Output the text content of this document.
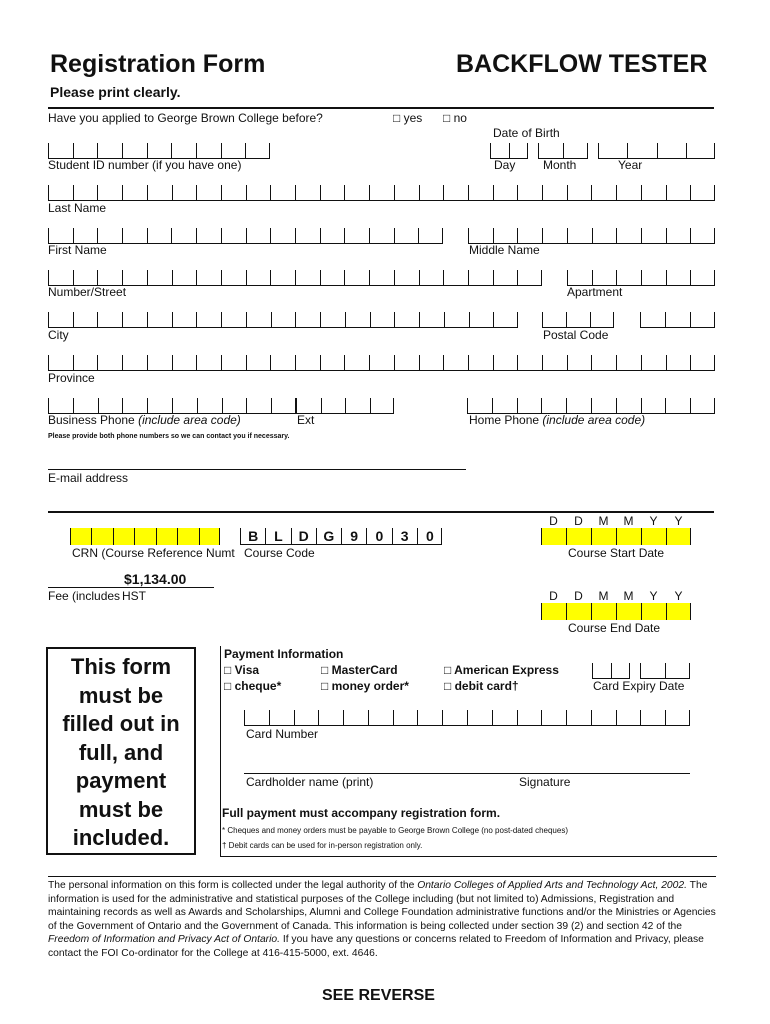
Registration Form	BACKFLOW TESTER
Please print clearly.
Have you applied to George Brown College before?	□ yes □ no
Date of Birth
Day Month	Year
Student ID number (if you have one)
Last Name
First Name	Middle Name
Number/Street	Apartment
City	Postal Code
Province
Business Phone (include area code)	Ext	Home Phone (include area code)
Please provide both phone numbers so we can contact you if necessary.
E-mail address
CRN (Course Reference Numt
B	L	D	G	9	0	3	0
Course Code
$1,134.00
Fee (includes HST
D	D	M	M	Y	Y
Course Start Date
D	D	M	M	Y	Y
Course End Date
This form
must be
filled out in
full, and
payment
must be
included.
Payment Information
□ Visa	□ MasterCard	□ American Express
□ cheque*	□ money order*	□ debit card†	Card Expiry Date
Card Number
Cardholder name (print)	Signature
Full payment must accompany registration form.
* Cheques and money orders must be payable to George Brown College (no post-dated cheques)
† Debit cards can be used for in-person registration only.
The personal information on this form is collected under the legal authority of the Ontario Colleges of Applied Arts and Technology Act, 2002. The information is used for the administrative and statistical purposes of the College including (but not limited to) Admissions, Registration and maintaining records as well as Awards and Scholarships, Alumni and College Foundation administrative functions and/or the Ministries or Agencies of the Government of Ontario and the Government of Canada. This information is being collected under section 39 (2) and section 42 of the Freedom of Information and Privacy Act of Ontario. If you have any questions or concerns related to Freedom of Information and Privacy, please contact the FOI Co-ordinator for the College at 416-415-5000, ext. 4646.
SEE REVERSE
